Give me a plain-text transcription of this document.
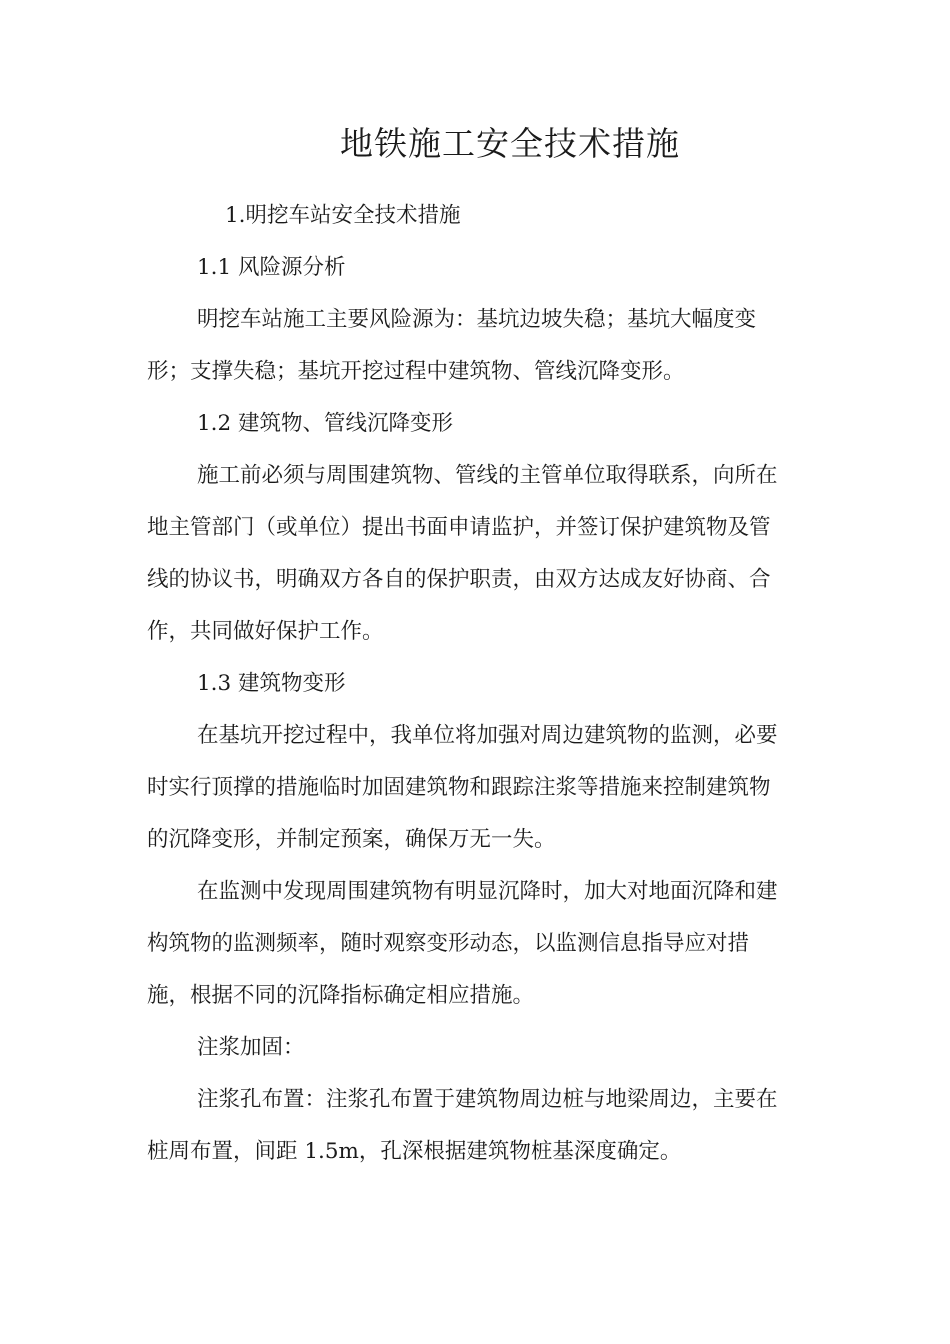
地铁施工安全技术措施
1.明挖车站安全技术措施
1.1 风险源分析
明挖车站施工主要风险源为：基坑边坡失稳；基坑大幅度变
形；支撑失稳；基坑开挖过程中建筑物、管线沉降变形。
1.2 建筑物、管线沉降变形
施工前必须与周围建筑物、管线的主管单位取得联系，向所在
地主管部门（或单位）提出书面申请监护，并签订保护建筑物及管
线的协议书，明确双方各自的保护职责，由双方达成友好协商、合
作，共同做好保护工作。
1.3 建筑物变形
在基坑开挖过程中，我单位将加强对周边建筑物的监测，必要
时实行顶撑的措施临时加固建筑物和跟踪注浆等措施来控制建筑物
的沉降变形，并制定预案，确保万无一失。
在监测中发现周围建筑物有明显沉降时，加大对地面沉降和建
构筑物的监测频率，随时观察变形动态，以监测信息指导应对措
施，根据不同的沉降指标确定相应措施。
注浆加固：
注浆孔布置：注浆孔布置于建筑物周边桩与地梁周边，主要在
桩周布置，间距 1.5m，孔深根据建筑物桩基深度确定。
